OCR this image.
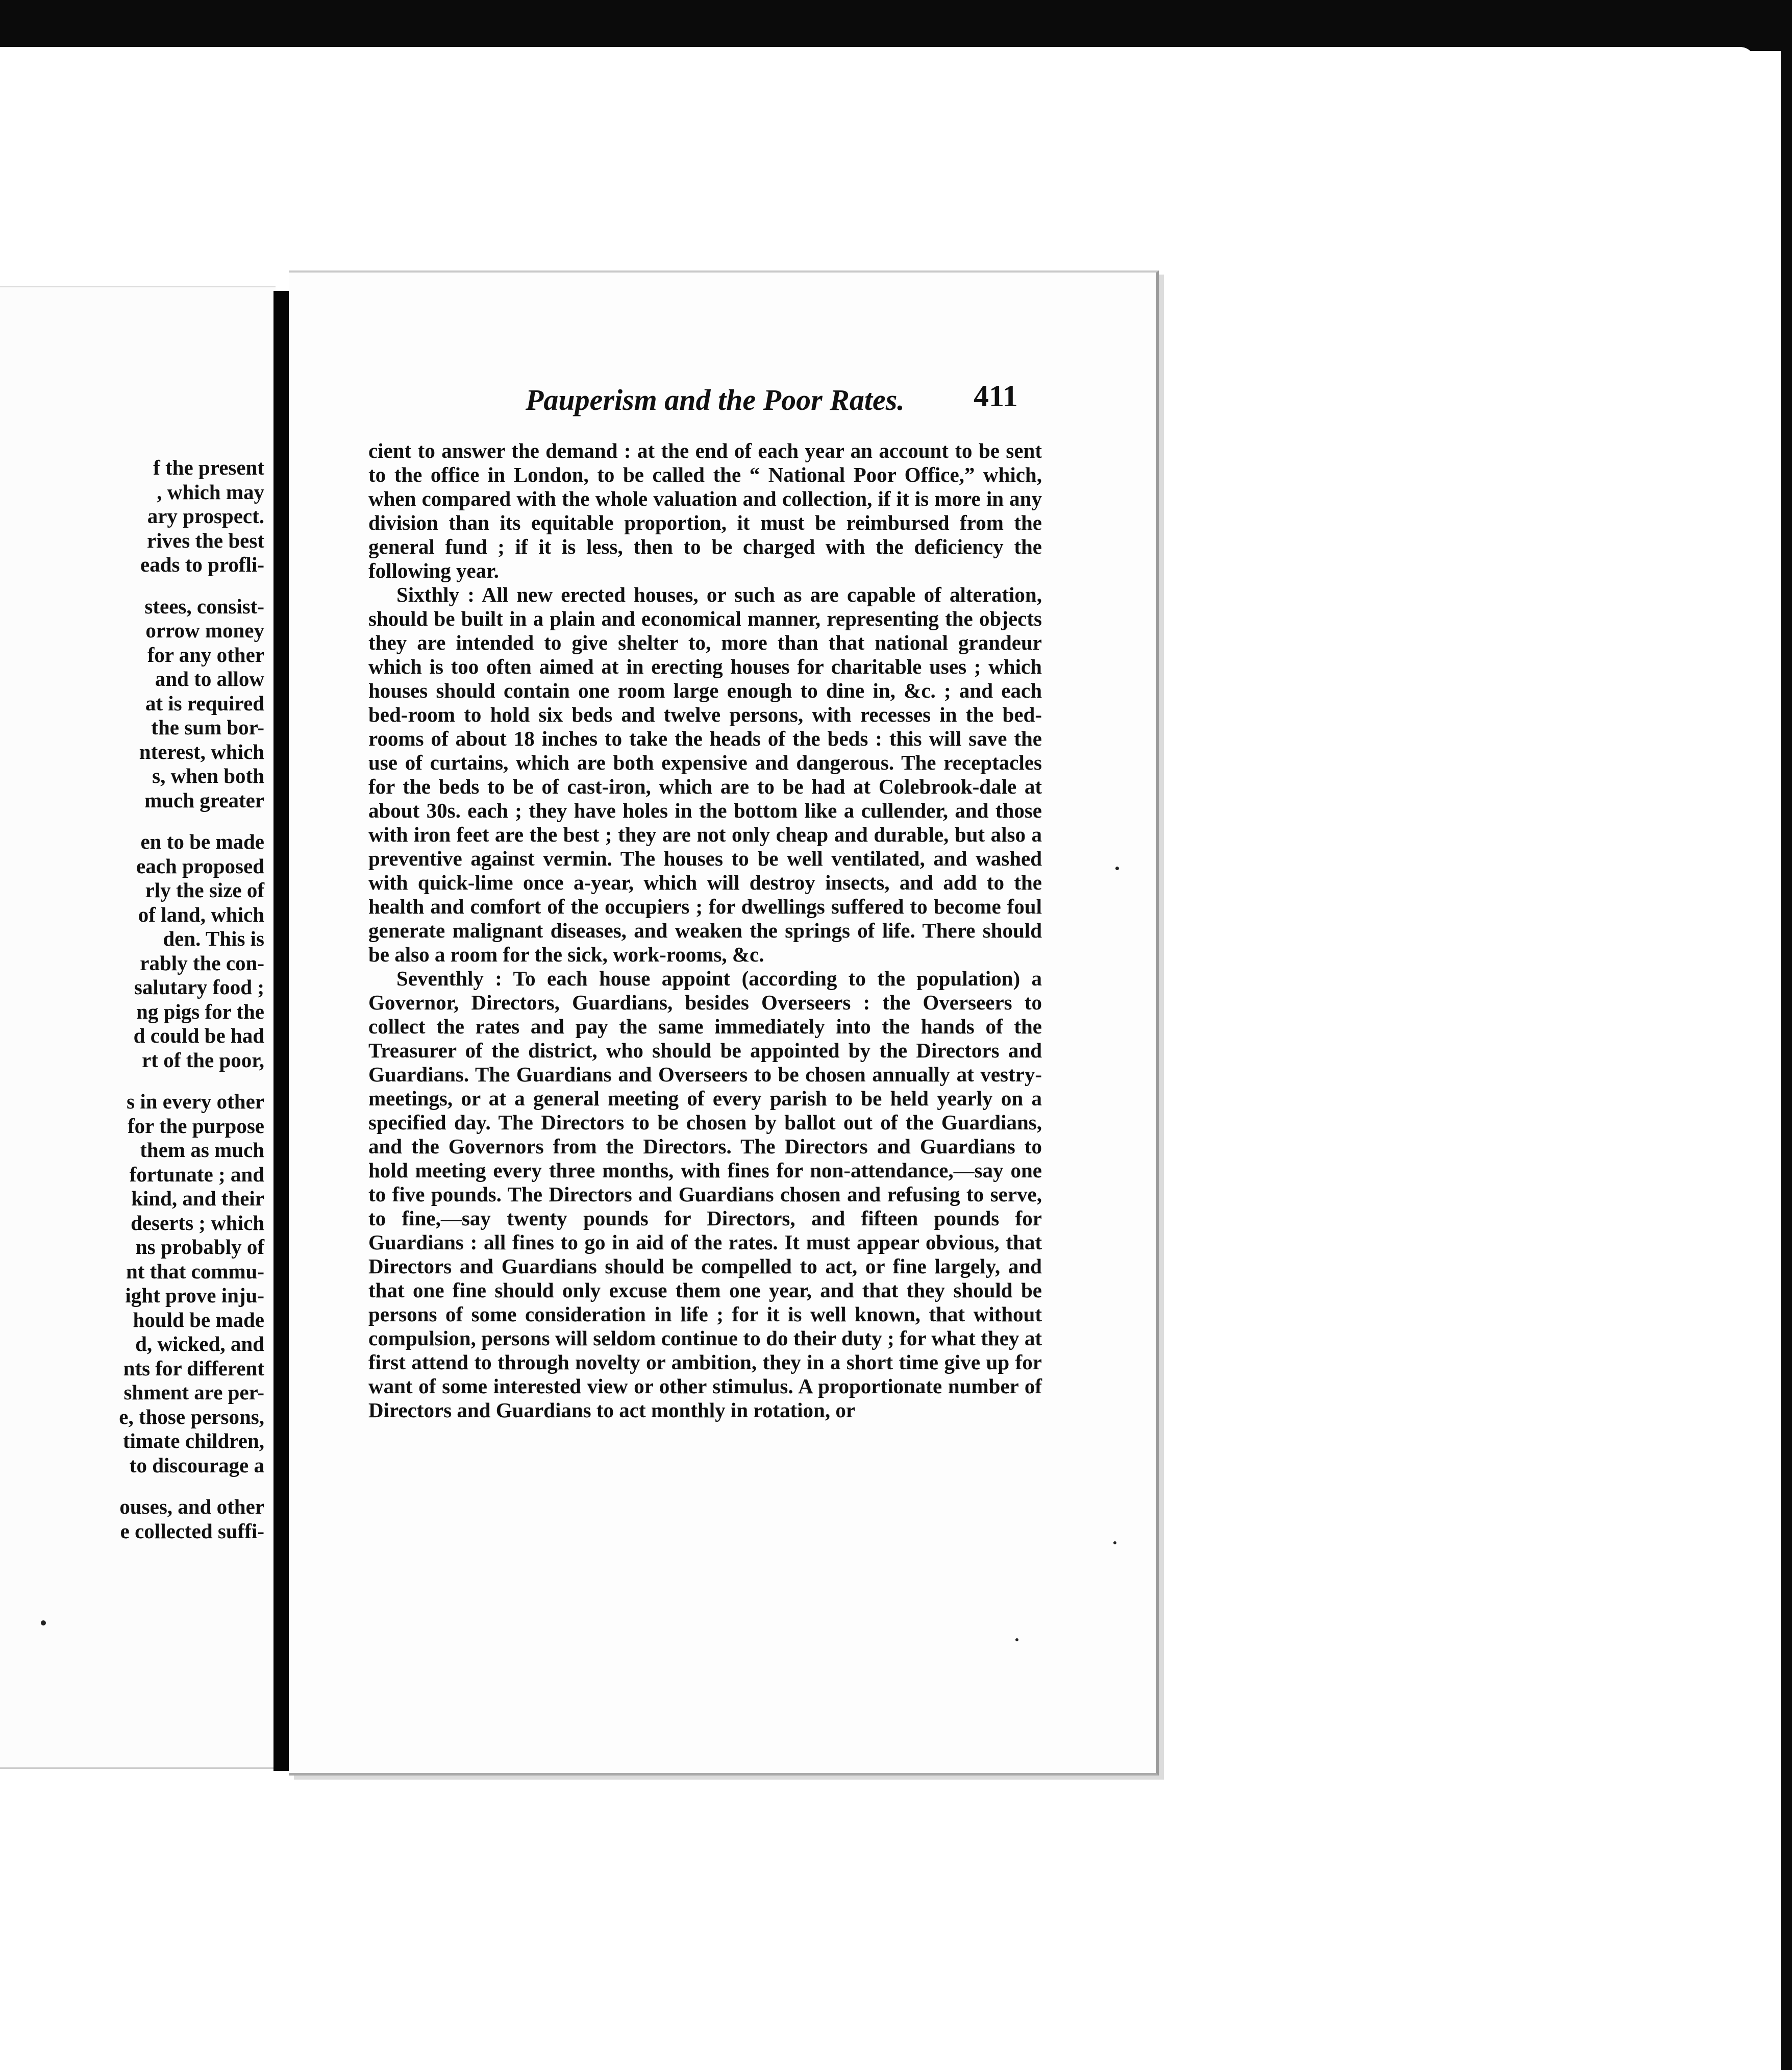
f the present
, which may
ary prospect.
rives the best
eads to profli-
stees, consist-
orrow money
for any other
and to allow
at is required
the sum bor-
nterest, which
s, when both
much greater
en to be made
each proposed
rly the size of
of land, which
den. This is
rably the con-
salutary food ;
ng pigs for the
d could be had
rt of the poor,
s in every other
for the purpose
them as much
fortunate ; and
kind, and their
deserts ; which
ns probably of
nt that commu-
ight prove inju-
hould be made
d, wicked, and
nts for different
shment are per-
e, those persons,
timate children,
to discourage a
ouses, and other
e collected suffi-
Pauperism and the Poor Rates. 411

cient to answer the demand : at the end of each year an account to be sent to the office in London, to be called the “ National Poor Office,” which, when compared with the whole valuation and collection, if it is more in any division than its equitable proportion, it must be reimbursed from the general fund ; if it is less, then to be charged with the deficiency the following year.

Sixthly : All new erected houses, or such as are capable of alteration, should be built in a plain and economical manner, representing the objects they are intended to give shelter to, more than that national grandeur which is too often aimed at in erecting houses for charitable uses ; which houses should contain one room large enough to dine in, &c. ; and each bed-room to hold six beds and twelve persons, with recesses in the bed-rooms of about 18 inches to take the heads of the beds : this will save the use of curtains, which are both expensive and dangerous. The receptacles for the beds to be of cast-iron, which are to be had at Colebrook-dale at about 30s. each ; they have holes in the bottom like a cullender, and those with iron feet are the best ; they are not only cheap and durable, but also a preventive against vermin. The houses to be well ventilated, and washed with quick-lime once a-year, which will destroy insects, and add to the health and comfort of the occupiers ; for dwellings suffered to become foul generate malignant diseases, and weaken the springs of life. There should be also a room for the sick, work-rooms, &c.

Seventhly : To each house appoint (according to the population) a Governor, Directors, Guardians, besides Overseers : the Overseers to collect the rates and pay the same immediately into the hands of the Treasurer of the district, who should be appointed by the Directors and Guardians. The Guardians and Overseers to be chosen annually at vestry-meetings, or at a general meeting of every parish to be held yearly on a specified day. The Directors to be chosen by ballot out of the Guardians, and the Governors from the Directors. The Directors and Guardians to hold meeting every three months, with fines for non-attendance,—say one to five pounds. The Directors and Guardians chosen and refusing to serve, to fine,—say twenty pounds for Directors, and fifteen pounds for Guardians : all fines to go in aid of the rates. It must appear obvious, that Directors and Guardians should be compelled to act, or fine largely, and that one fine should only excuse them one year, and that they should be persons of some consideration in life ; for it is well known, that without compulsion, persons will seldom continue to do their duty ; for what they at first attend to through novelty or ambition, they in a short time give up for want of some interested view or other stimulus. A proportionate number of Directors and Guardians to act monthly in rotation, or
